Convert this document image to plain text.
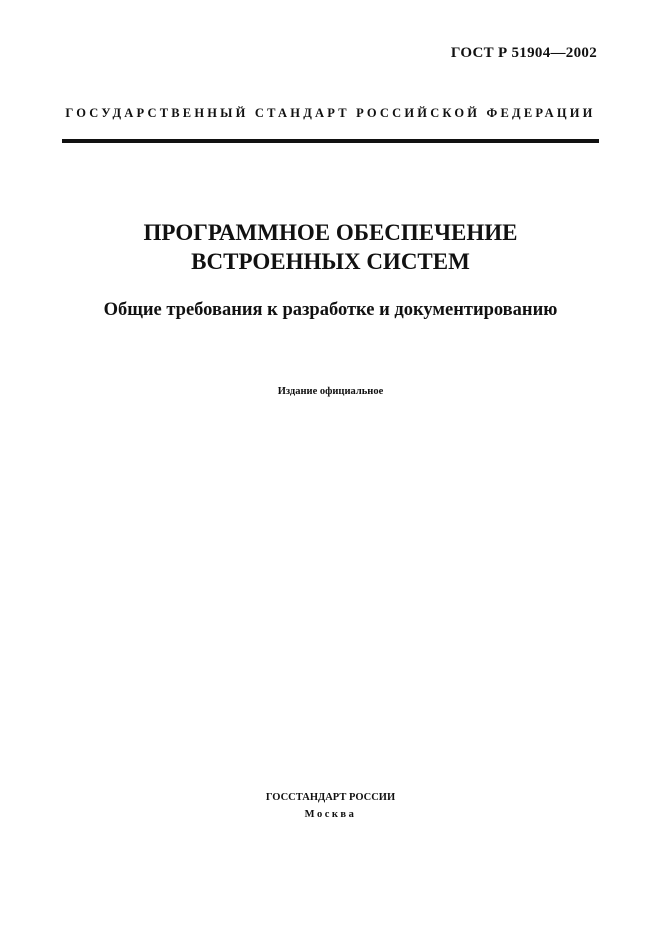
ГОСТ Р 51904—2002
ГОСУДАРСТВЕННЫЙ СТАНДАРТ РОССИЙСКОЙ ФЕДЕРАЦИИ
ПРОГРАММНОЕ ОБЕСПЕЧЕНИЕ
ВСТРОЕННЫХ СИСТЕМ
Общие требования к разработке и документированию
Издание официальное
ГОССТАНДАРТ РОССИИ
Москва
